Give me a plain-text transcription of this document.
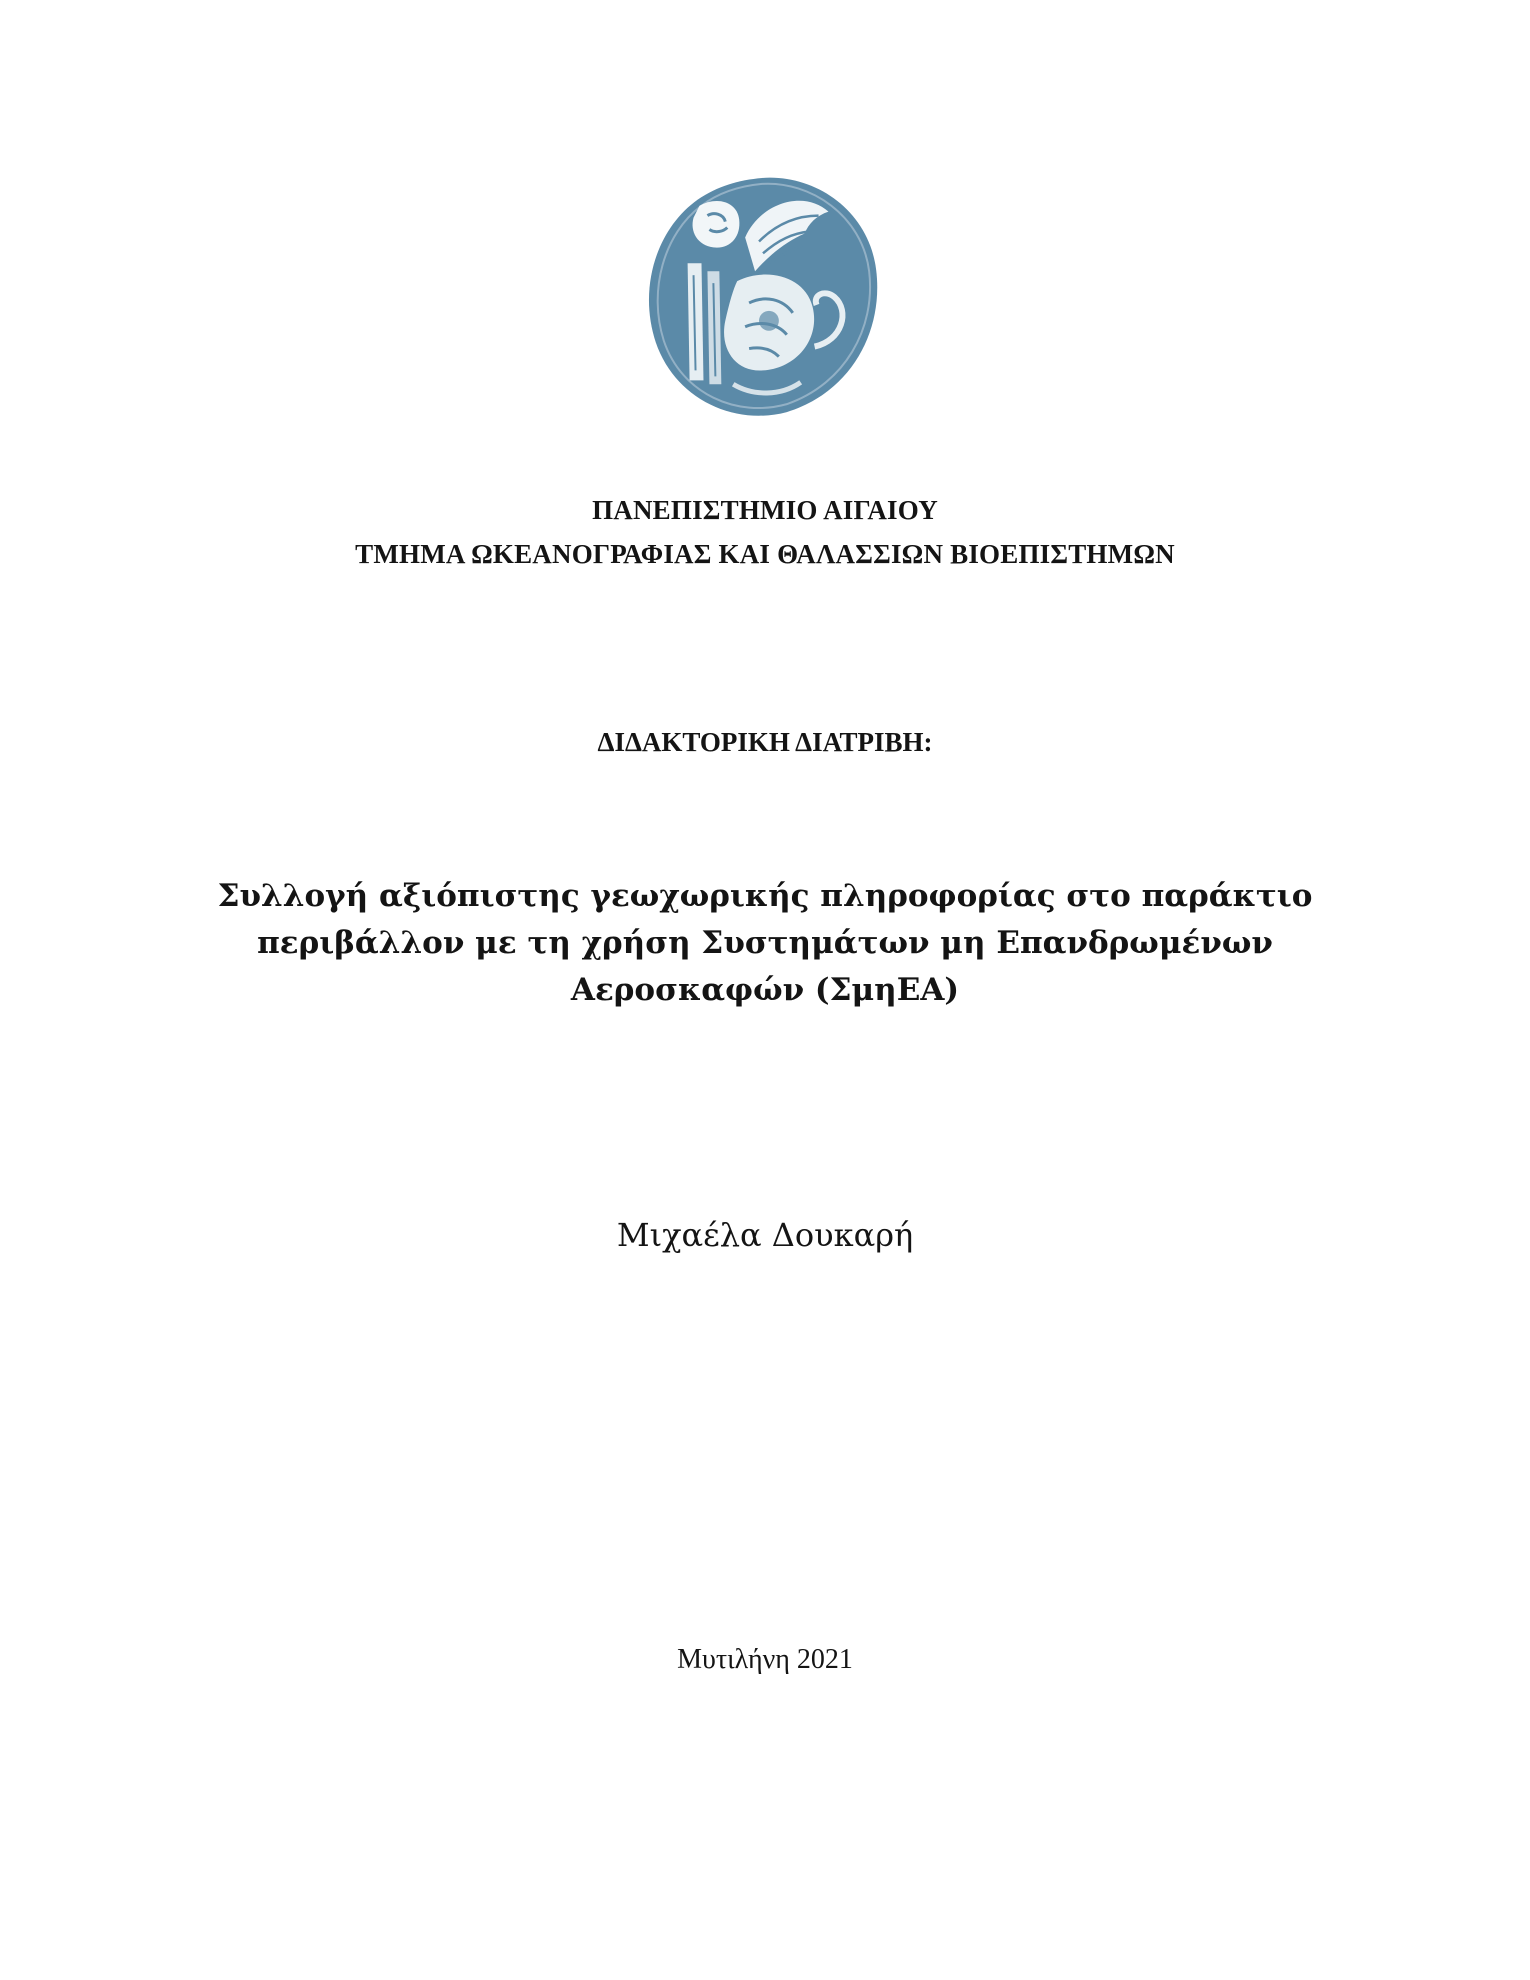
ΠΑΝΕΠΙΣΤΗΜΙΟ ΑΙΓΑΙΟΥ
ΤΜΗΜΑ ΩΚΕΑΝΟΓΡΑΦΙΑΣ ΚΑΙ ΘΑΛΑΣΣΙΩΝ ΒΙΟΕΠΙΣΤΗΜΩΝ
ΔΙΔΑΚΤΟΡΙΚΗ ΔΙΑΤΡΙΒΗ:
Συλλογή αξιόπιστης γεωχωρικής πληροφορίας στο παράκτιο
περιβάλλον με τη χρήση Συστημάτων μη Επανδρωμένων
Αεροσκαφών (ΣμηΕΑ)
Μιχαέλα Δουκαρή
Μυτιλήνη 2021
